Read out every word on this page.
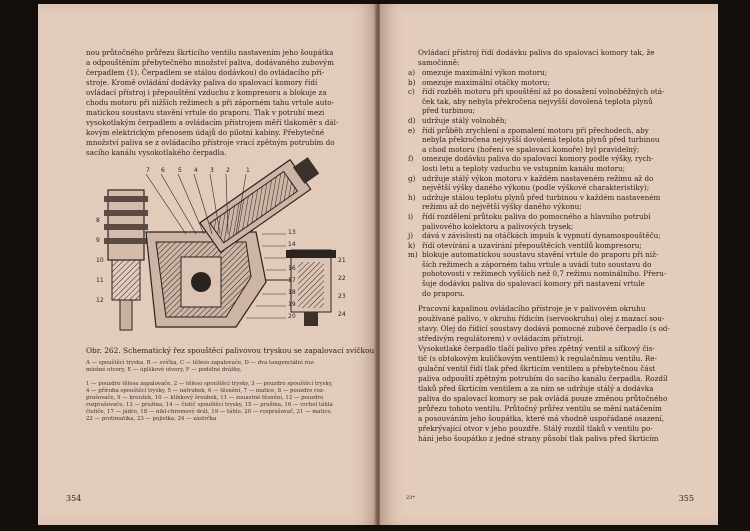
nou průtočného průřezu škrticího ventilu nastavením jeho šoupátka
a odpouštěním přebytečného množství paliva, dodávaného zubovým
čerpadlem (1). Čerpadlem se stálou dodávkou) do ovládacího pří-
stroje. Kromě ovládání dodávky paliva do spalovací komory řídí
ovládací přístroj i přepouštění vzduchu z kompresoru a blokuje za
chodu motoru při nižších režimech a při záporném tahu vrtule auto-
matickou soustavu stavění vrtule do praporu. Tlak v potrubí mezi
vysokotlakým čerpadlem a ovládacím přístrojem měří tlakoměr s dál-
kovým elektrickým přenosem údajů do pilotní kabiny. Přebytečné
množství paliva se z ovládacího přístroje vrací zpětným potrubím do
sacího kanálu vysokotlakého čerpadla.

7 6 5 4 3 2	1
8
9
10
11
12
13
14
15
16
17
18
19
20
21
22
23
24

Obr. 262. Schematický řez spouštěcí palivovou tryskou se zapalovací svíčkou

A — spouštěcí tryska, B — svíčka, C — těleso zapalovače, D — dva tangenciální roz-
miešné otvory, E — úplškové otvory, F — podélné drážky,

1 — pouzdro tělesa zapalovače, 2 — těleso spouštěcí trysky, 3 — pouzdro spouštěcí trysky,
4 — příruba spouštěcí trysky, 5 — nátrubek, 6 — těsnění, 7 — matice, 8 — pouzdro roz-
prašovače, 9 — kroužek, 10 — klínkový šroubek, 11 — zouastné těsnění, 12 — pouzdro
rozprašovače, 13 — pružina, 14 — čistič spouštěcí trysky, 15 — pružina, 16 — vrchol táhla
čističe, 17 — jádro, 18 — nikl-chromový drát, 19 — táhlo, 20 — rozprašovač, 21 — matice,
22 — protimatika, 23 — pojistka, 24 — zástrčka
354

Ovládací přístroj řídí dodávku paliva do spalovací komory tak, že
samočinně:

a) omezuje maximální výkon motoru;
b) omezuje maximální otáčky motoru;
c) řídí rozběh motoru při spouštění až po dosažení volnoběžných otá-
ček tak, aby nebyla překročena nejvyšší dovolená teplota plynů
před turbinou;
d) udržuje stálý volnoběh;
e) řídí průběh zrychlení a zpomalení motoru při přechodech, aby
nebyla překročena nejvyšší dovolená teplota plynů před turbinou
a chod motoru (hoření ve spalovací komoře) byl pravidelný;
f)	omezuje dodávku paliva do spalovací komory podle výšky, rych-
losti letu a teploty vzduchu ve vstupním kanálu motoru;
g) udržuje stálý výkon motoru v každém nastaveném režimu až do
největší výšky daného výkonu (podle výškové charakteristiky);
h) udržuje stálou teplotu plynů před turbinou v každém nastaveném
režimu až do největší výšky daného výkonu;
i)	řídí rozdělení průtoku paliva do pomocného a hlavního potrubí
palivového kolektoru a palivových trysek;
j)	dává v závislosti na otáčkách impuls k vypnutí dynamospouštěču;
k) řídí otevírání a uzavírání přepouštěcích ventilů kompresoru;
m) blokuje automatickou soustavu stavění vrtule do praporu při niž-
ších režimech a záporném tahu vrtule a uvádí tuto soustavu do
pohotovosti v režimech vyšších než 0,7 režimu nominálního. Přeru-
šuje dodávku paliva do spalovací komory při nastavení vrtule
do praporu.

Pracovní kapalinou ovládacího přístroje je v palivovém okruhu
používané palivo, v okruhu řídicím (servookruhu) olej z mazací sou-
stavy. Olej do řídicí soustavy dodává pomocné zubové čerpadlo (s od-
středivým regulátorem) v ovládacím přístroji.

Vysokotlaké čerpadlo tlačí palivo přes zpětný ventil a síťkový čis-
tič (s obtokovým kuličkovým ventilem) k regulačnímu ventilu. Re-
gulační ventil řídí tlak před škrticím ventilem a přebytečnou část
paliva odpouští zpětným potrubím do sacího kanálu čerpadla. Rozdíl
tlaků před škrticím ventilem a za ním se udržuje stálý a dodávka
paliva do spalovací komory se pak ovládá pouze změnou průtočného
průřezu tohoto ventilu. Průtočný průřez ventilu se mění natáčením
a posouváním jeho šoupátka, které má vhodně uspořádané osazení,
překrývající otvor v jeho pouzdře. Stálý rozdíl tlaků v ventilu po-
hání jeho šoupátko z jedné strany působí tlak paliva před škrticím

23*	355
